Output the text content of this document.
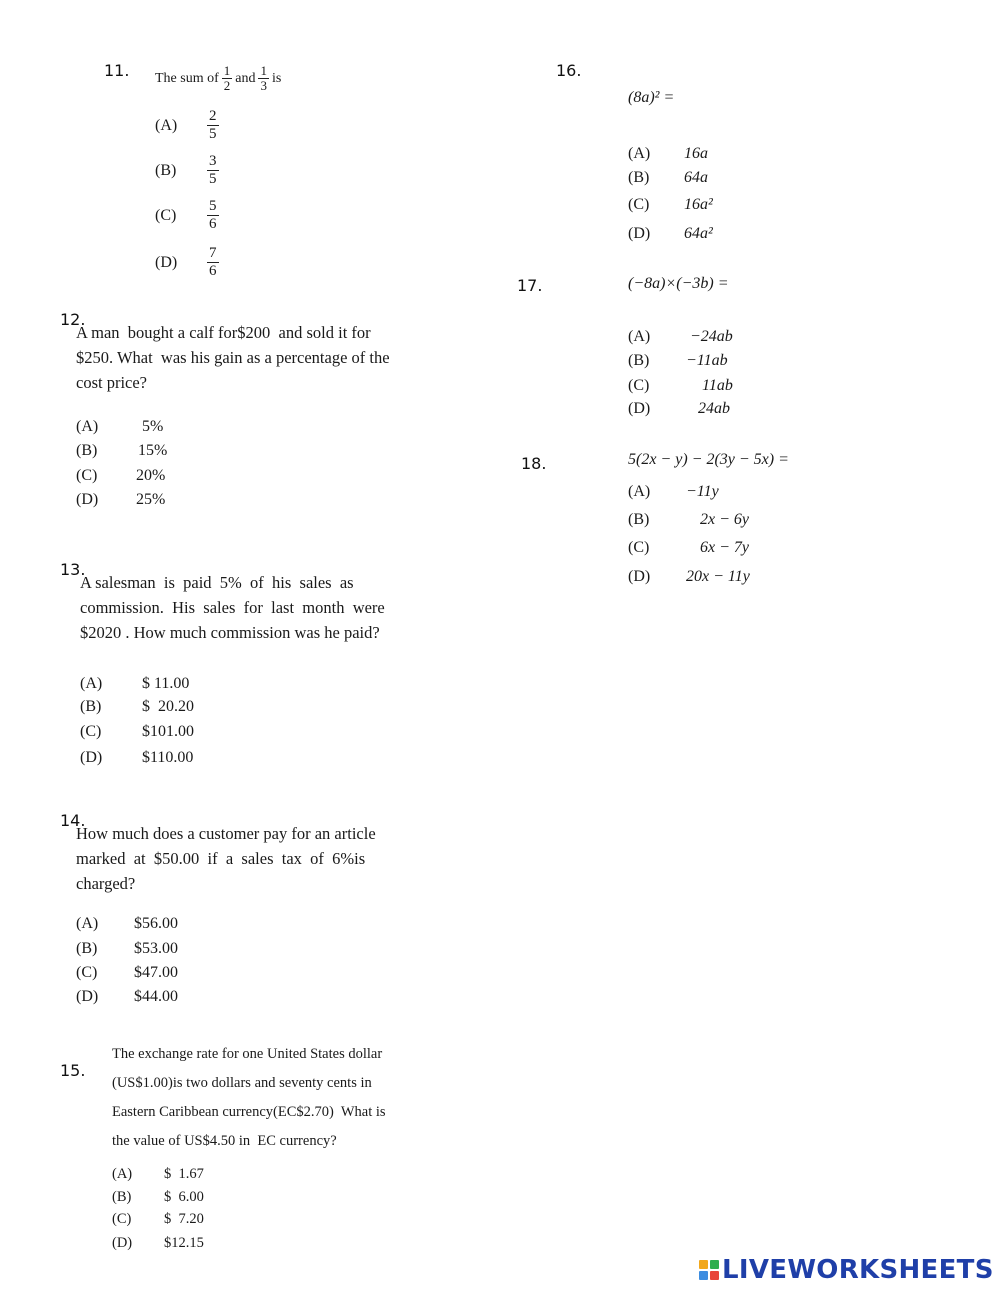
11. The sum of $\frac{1}{2}$ and $\frac{1}{3}$ is
$(A) \frac{2}{5}$
$(B) \frac{3}{5}$
$(C) \frac{5}{6}$
$(D) \frac{7}{6}$
12.
A man  bought a calf for$200  and sold it for
$250. What  was his gain as a percentage of the
cost price?
(A)	5%
(B)	15%
(C) 20%
(D) 25%
13.
A salesman  is  paid  5%  of  his  sales  as
commission.  His  sales  for  last  month  were
$2020 . How much commission was he paid?
(A) $ 11.00
(B)	$  20.20
(C)	$101.00
(D) $110.00
14.
How much does a customer pay for an article
marked  at  $50.00  if  a  sales  tax  of  6%is
charged?
(A) $56.00
(B) $53.00
(C) $47.00
(D) $44.00
15.
The exchange rate for one United States dollar
(US$1.00)is two dollars and seventy cents in
Eastern Caribbean currency(EC$2.70)  What is
the value of US$4.50 in  EC currency?
(A) $  1.67
(B) $  6.00
(C) $  7.20
(D) $12.15
16.
(8a)² =
(A) 16a
(B) 64a
(C) 16a²
(D) 64a²
17.	(−8a)×(−3b) =
(A) −24ab
(B) −11ab
(C)	11ab
(D)	24ab
18.	5(2x − y) − 2(3y − 5x) =
(A) −11y
(B)	2x − 6y
(C)	6x − 7y
(D) 20x − 11y
LIVEWORKSHEETS
